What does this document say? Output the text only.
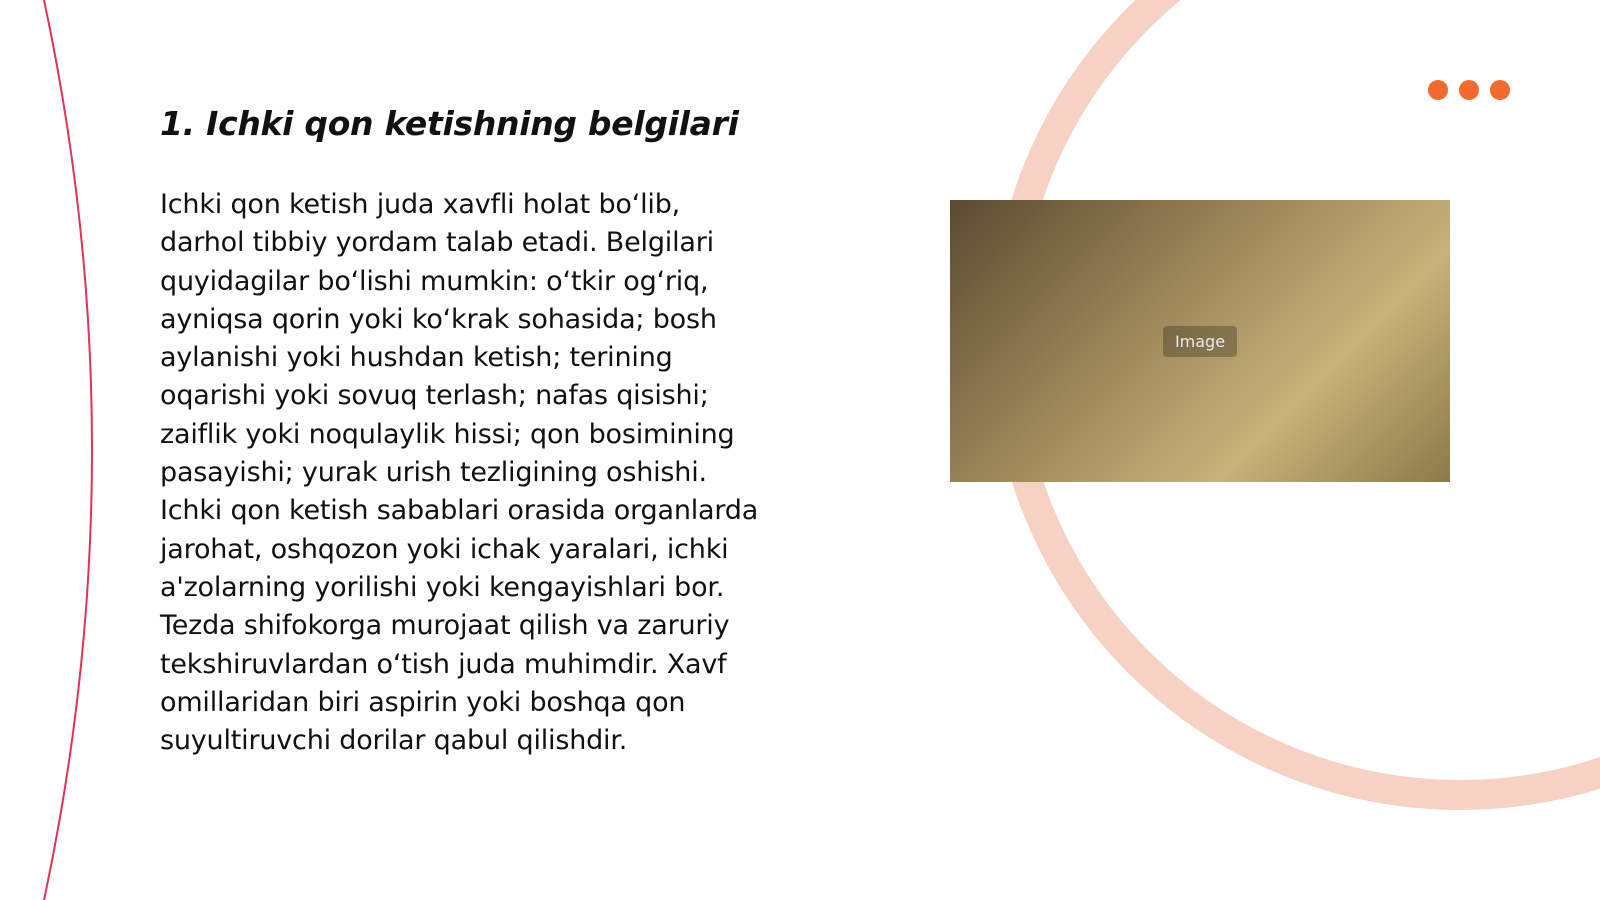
1. Ichki qon ketishning belgilari

Ichki qon ketish juda xavfli holat bo‘lib,
darhol tibbiy yordam talab etadi. Belgilari
quyidagilar bo‘lishi mumkin: o‘tkir og‘riq,
ayniqsa qorin yoki ko‘krak sohasida; bosh
aylanishi yoki hushdan ketish; terining
oqarishi yoki sovuq terlash; nafas qisishi;
zaiflik yoki noqulaylik hissi; qon bosimining
pasayishi; yurak urish tezligining oshishi.
Ichki qon ketish sabablari orasida organlarda
jarohat, oshqozon yoki ichak yaralari, ichki
a'zolarning yorilishi yoki kengayishlari bor.
Tezda shifokorga murojaat qilish va zaruriy
tekshiruvlardan o‘tish juda muhimdir. Xavf
omillaridan biri aspirin yoki boshqa qon
suyultiruvchi dorilar qabul qilishdir.

Image
